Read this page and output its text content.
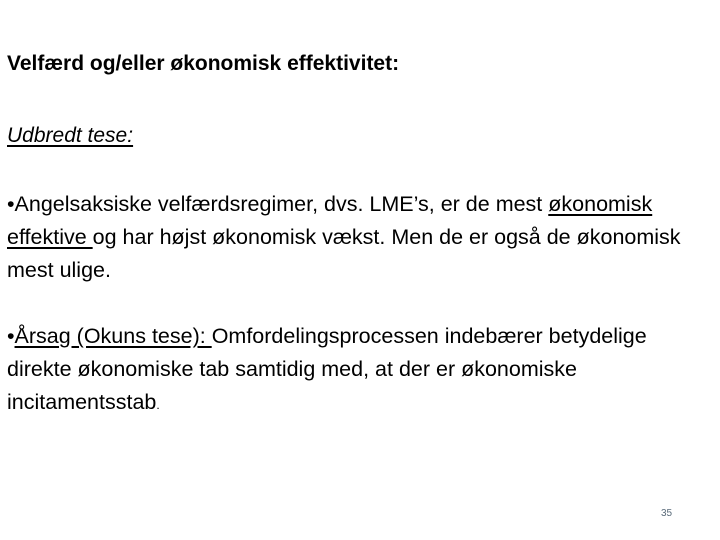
Velfærd og/eller økonomisk effektivitet:
Udbredt tese:
•Angelsaksiske velfærdsregimer, dvs. LME’s, er de mest økonomisk effektive og har højst økonomisk vækst. Men de er også de økonomisk mest ulige.
•Årsag (Okuns tese): Omfordelingsprocessen indebærer betydelige direkte økonomiske tab samtidig med, at der er økonomiske incitamentsstab.
35
